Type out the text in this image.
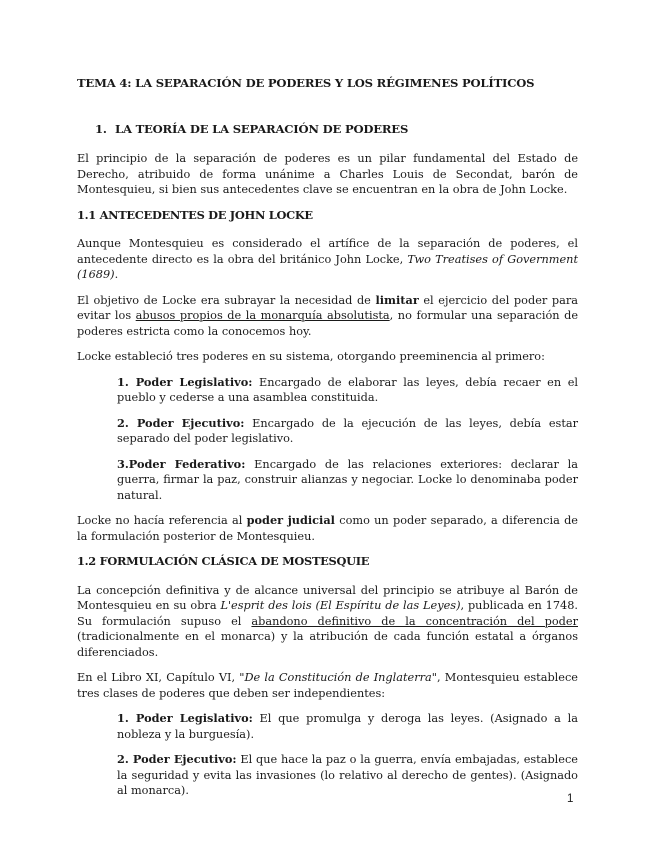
TEMA 4: LA SEPARACIÓN DE PODERES Y LOS RÉGIMENES POLÍTICOS
1. LA TEORÍA DE LA SEPARACIÓN DE PODERES

El principio de la separación de poderes es un pilar fundamental del Estado de Derecho, atribuido de forma unánime a Charles Louis de Secondat, barón de Montesquieu, si bien sus antecedentes clave se encuentran en la obra de John Locke.

1.1 ANTECEDENTES DE JOHN LOCKE

Aunque Montesquieu es considerado el artífice de la separación de poderes, el antecedente directo es la obra del británico John Locke, Two Treatises of Government (1689).

El objetivo de Locke era subrayar la necesidad de limitar el ejercicio del poder para evitar los abusos propios de la monarquía absolutista, no formular una separación de poderes estricta como la conocemos hoy.

Locke estableció tres poderes en su sistema, otorgando preeminencia al primero:

1. Poder Legislativo: Encargado de elaborar las leyes, debía recaer en el pueblo y cederse a una asamblea constituida.
2. Poder Ejecutivo: Encargado de la ejecución de las leyes, debía estar separado del poder legislativo.
3.Poder Federativo: Encargado de las relaciones exteriores: declarar la guerra, firmar la paz, construir alianzas y negociar. Locke lo denominaba poder natural.

Locke no hacía referencia al poder judicial como un poder separado, a diferencia de la formulación posterior de Montesquieu.

1.2 FORMULACIÓN CLÁSICA DE MOSTESQUIE

La concepción definitiva y de alcance universal del principio se atribuye al Barón de Montesquieu en su obra L'esprit des lois (El Espíritu de las Leyes), publicada en 1748. Su formulación supuso el abandono definitivo de la concentración del poder (tradicionalmente en el monarca) y la atribución de cada función estatal a órganos diferenciados.

En el Libro XI, Capítulo VI, "De la Constitución de Inglaterra", Montesquieu establece tres clases de poderes que deben ser independientes:

1. Poder Legislativo: El que promulga y deroga las leyes. (Asignado a la nobleza y la burguesía).
2. Poder Ejecutivo: El que hace la paz o la guerra, envía embajadas, establece la seguridad y evita las invasiones (lo relativo al derecho de gentes). (Asignado al monarca).
1
